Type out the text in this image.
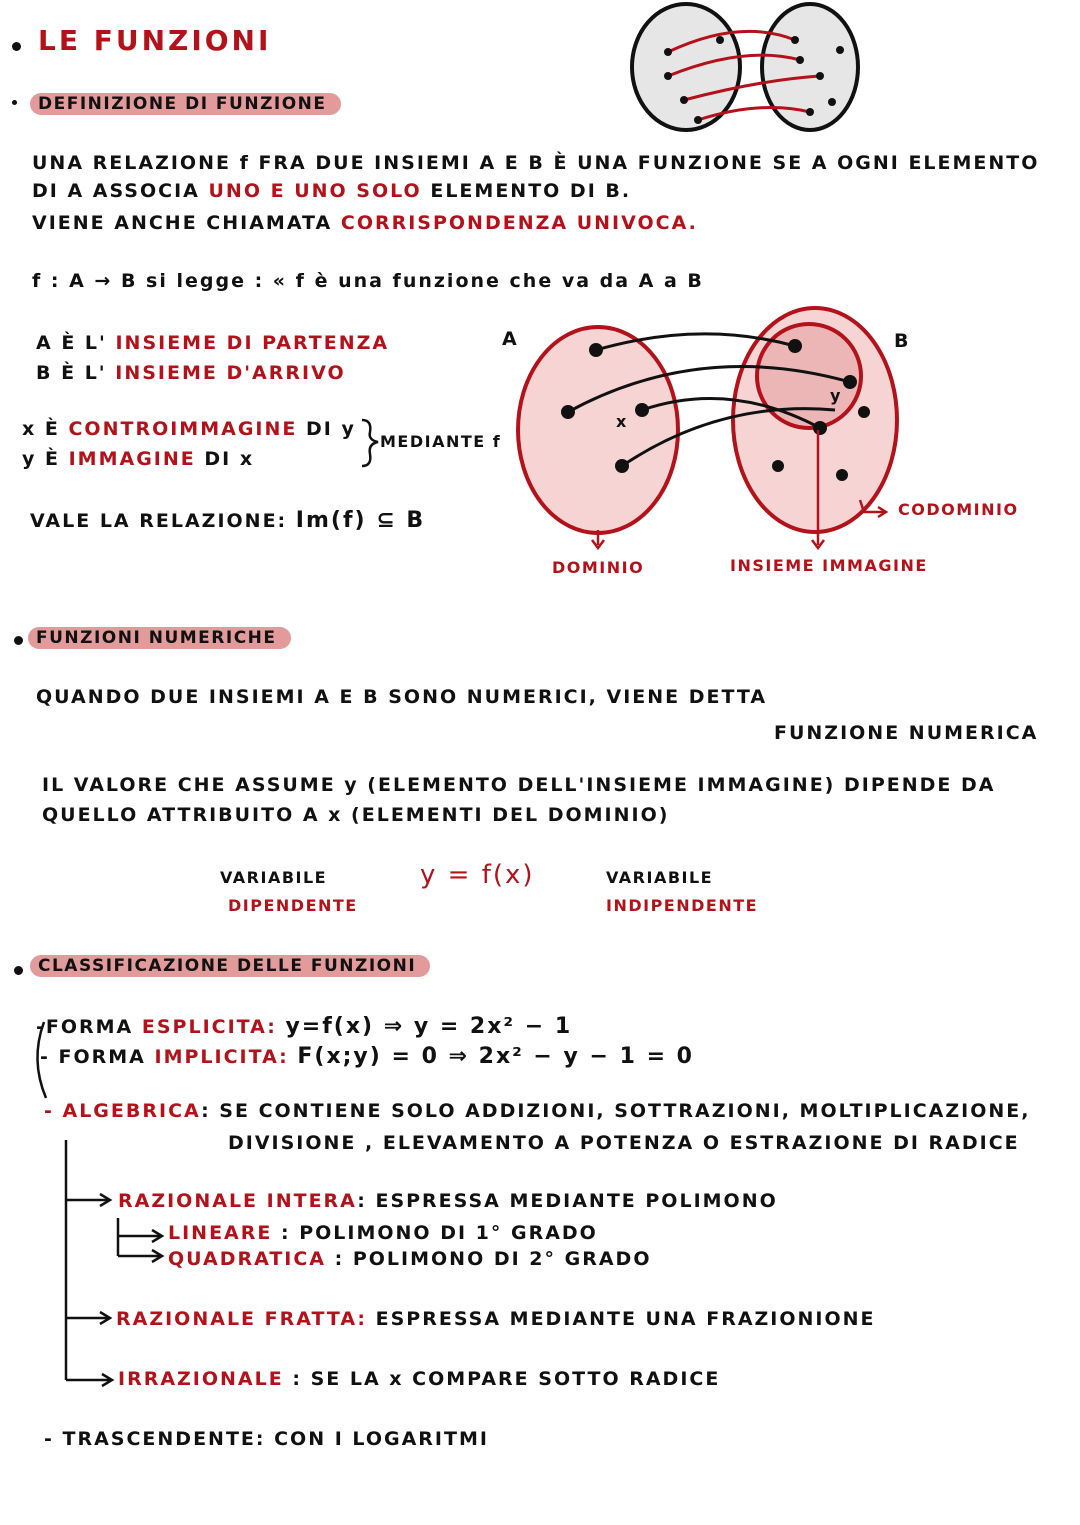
LE FUNZIONI
DEFINIZIONE DI FUNZIONE
UNA RELAZIONE f FRA DUE INSIEMI A E B È UNA FUNZIONE SE A OGNI ELEMENTO
DI A ASSOCIA UNO E UNO SOLO ELEMENTO DI B.
VIENE ANCHE CHIAMATA CORRISPONDENZA UNIVOCA.
f : A → B si legge : « f è una funzione che va da A a B
A È L' INSIEME DI PARTENZA
B È L' INSIEME D'ARRIVO
x È CONTROIMMAGINE DI y
y È IMMAGINE DI x
MEDIANTE f
VALE LA RELAZIONE: Im(f) ⊆ B
A	B
x
y
DOMINIO	INSIEME IMMAGINE
CODOMINIO
FUNZIONI NUMERICHE
QUANDO DUE INSIEMI A E B SONO NUMERICI, VIENE DETTA
FUNZIONE NUMERICA
IL VALORE CHE ASSUME y (ELEMENTO DELL'INSIEME IMMAGINE) DIPENDE DA
QUELLO ATTRIBUITO A x (ELEMENTI DEL DOMINIO)
VARIABILE
DIPENDENTE
y = f(x)	VARIABILE
INDIPENDENTE
CLASSIFICAZIONE DELLE FUNZIONI
-FORMA ESPLICITA: y=f(x) ⇒ y = 2x² − 1
- FORMA IMPLICITA: F(x;y) = 0 ⇒ 2x² − y − 1 = 0
- ALGEBRICA: SE CONTIENE SOLO ADDIZIONI, SOTTRAZIONI, MOLTIPLICAZIONE,
DIVISIONE , ELEVAMENTO A POTENZA O ESTRAZIONE DI RADICE
RAZIONALE INTERA: ESPRESSA MEDIANTE POLIMONO
LINEARE : POLIMONO DI 1° GRADO
QUADRATICA : POLIMONO DI 2° GRADO
RAZIONALE FRATTA: ESPRESSA MEDIANTE UNA FRAZIONIONE
IRRAZIONALE : SE LA x COMPARE SOTTO RADICE
- TRASCENDENTE: CON I LOGARITMI
